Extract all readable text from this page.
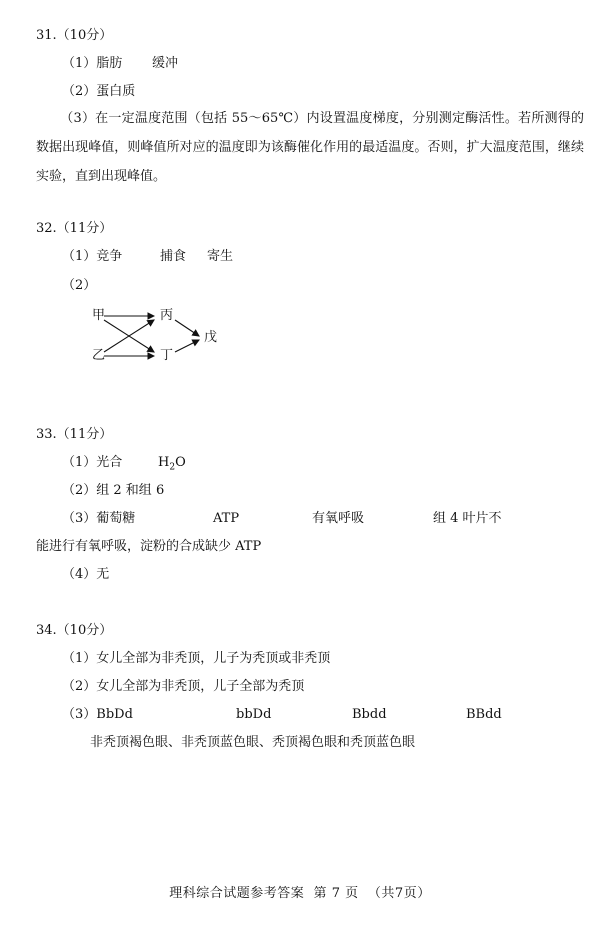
31.（10分）
（1）脂肪 缓冲
（2）蛋白质
（3）在一定温度范围（包括 55～65℃）内设置温度梯度，分别测定酶活性。若所测得的数据出现峰值，则峰值所对应的温度即为该酶催化作用的最适温度。否则，扩大温度范围，继续实验，直到出现峰值。
32.（11分）
（1）竞争	捕食 寄生
（2）
甲
乙
丙
丁
戊
33.（11分）
（1）光合	$H_2O$
（2）组 2 和组 6
（3）葡萄糖	ATP	有氧呼吸	组 4 叶片不
能进行有氧呼吸，淀粉的合成缺少 ATP
（4）无
34.（10分）
（1）女儿全部为非秃顶，儿子为秃顶或非秃顶
（2）女儿全部为非秃顶，儿子全部为秃顶
（3）BbDd	bbDd	Bbdd	BBdd
非秃顶褐色眼、非秃顶蓝色眼、秃顶褐色眼和秃顶蓝色眼
理科综合试题参考答案 第 7 页 （共7页）
